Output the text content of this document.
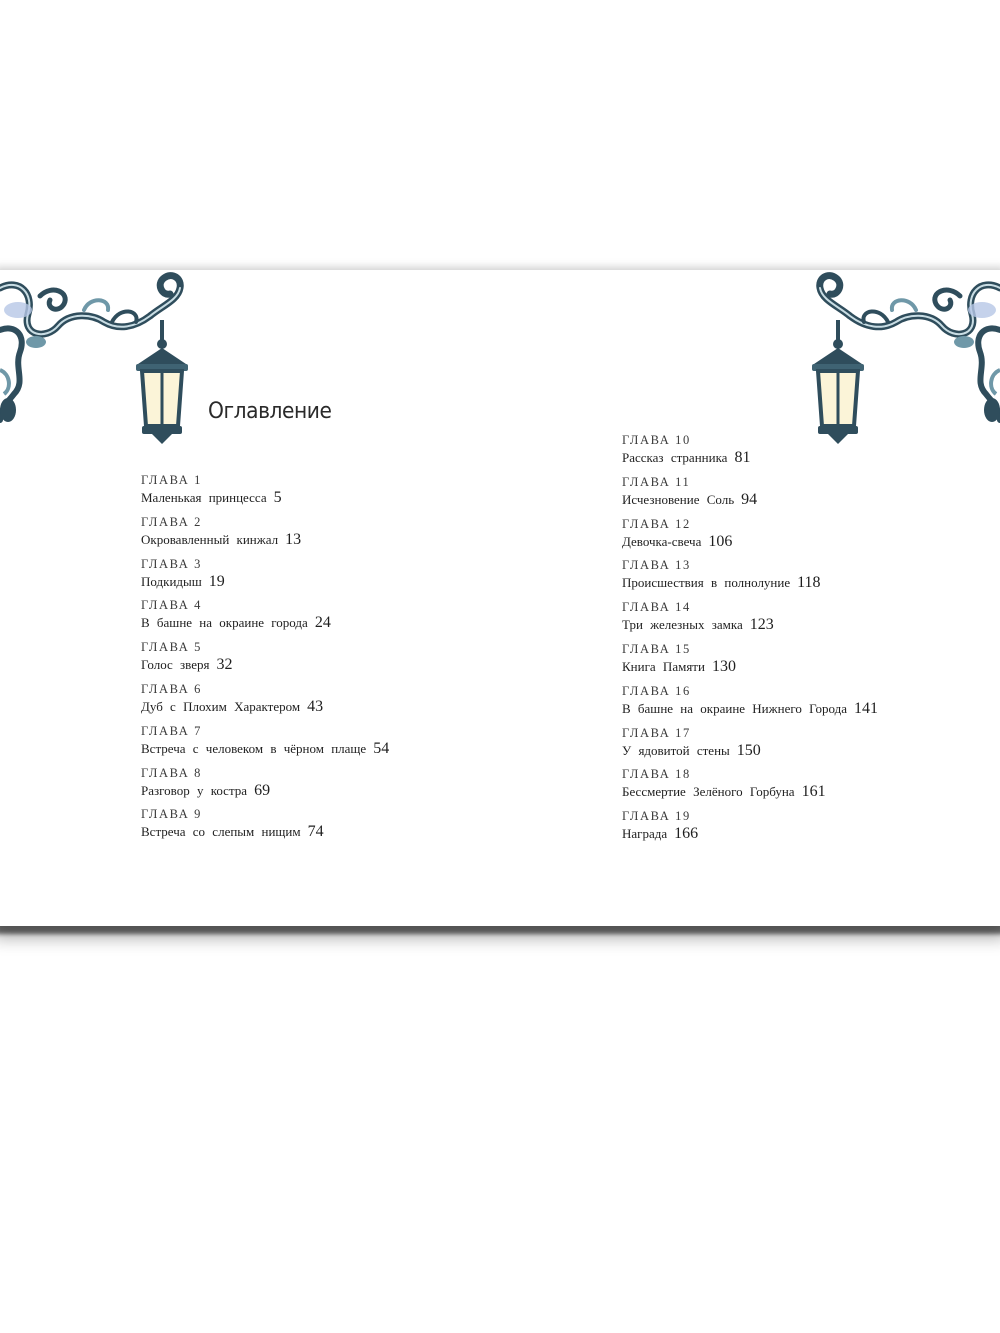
Оглавление
ГЛАВА 1
Маленькая принцесса 5
ГЛАВА 2
Окровавленный кинжал 13
ГЛАВА 3
Подкидыш 19
ГЛАВА 4
В башне на окраине города 24
ГЛАВА 5
Голос зверя 32
ГЛАВА 6
Дуб с Плохим Характером 43
ГЛАВА 7
Встреча с человеком в чёрном плаще 54
ГЛАВА 8
Разговор у костра 69
ГЛАВА 9
Встреча со слепым нищим 74
ГЛАВА 10
Рассказ странника 81
ГЛАВА 11
Исчезновение Соль 94
ГЛАВА 12
Девочка-свеча 106
ГЛАВА 13
Происшествия в полнолуние 118
ГЛАВА 14
Три железных замка 123
ГЛАВА 15
Книга Памяти 130
ГЛАВА 16
В башне на окраине Нижнего Города 141
ГЛАВА 17
У ядовитой стены 150
ГЛАВА 18
Бессмертие Зелёного Горбуна 161
ГЛАВА 19
Награда 166
